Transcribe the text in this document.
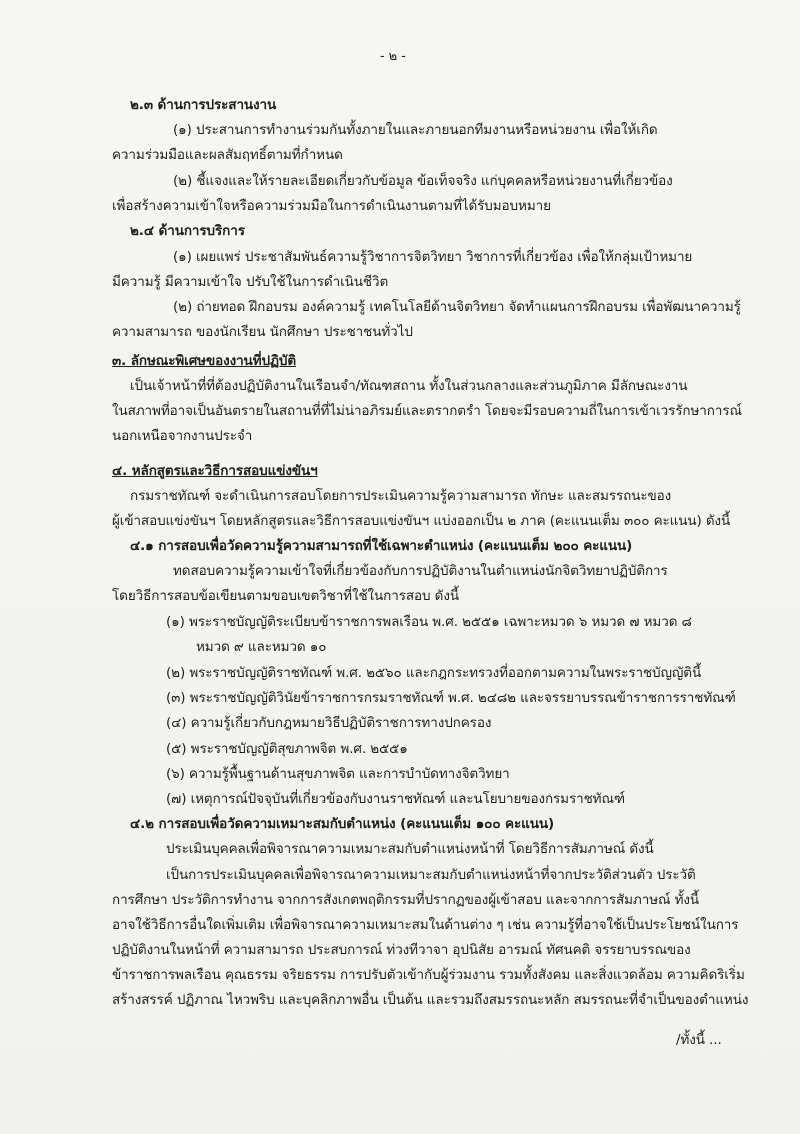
- ๒ -
๒.๓ ด้านการประสานงาน
(๑) ประสานการทำงานร่วมกันทั้งภายในและภายนอกทีมงานหรือหน่วยงาน เพื่อให้เกิด
ความร่วมมือและผลสัมฤทธิ์ตามที่กำหนด
(๒) ชี้แจงและให้รายละเอียดเกี่ยวกับข้อมูล ข้อเท็จจริง แก่บุคคลหรือหน่วยงานที่เกี่ยวข้อง
เพื่อสร้างความเข้าใจหรือความร่วมมือในการดำเนินงานตามที่ได้รับมอบหมาย
๒.๔ ด้านการบริการ
(๑) เผยแพร่ ประชาสัมพันธ์ความรู้วิชาการจิตวิทยา วิชาการที่เกี่ยวข้อง เพื่อให้กลุ่มเป้าหมาย
มีความรู้ มีความเข้าใจ ปรับใช้ในการดำเนินชีวิต
(๒) ถ่ายทอด ฝึกอบรม องค์ความรู้ เทคโนโลยีด้านจิตวิทยา จัดทำแผนการฝึกอบรม เพื่อพัฒนาความรู้
ความสามารถ ของนักเรียน นักศึกษา ประชาชนทั่วไป
๓. ลักษณะพิเศษของงานที่ปฏิบัติ
เป็นเจ้าหน้าที่ที่ต้องปฏิบัติงานในเรือนจำ/ทัณฑสถาน ทั้งในส่วนกลางและส่วนภูมิภาค มีลักษณะงาน
ในสภาพที่อาจเป็นอันตรายในสถานที่ที่ไม่น่าอภิรมย์และตรากตรำ โดยจะมีรอบความถี่ในการเข้าเวรรักษาการณ์
นอกเหนือจากงานประจำ
๔. หลักสูตรและวิธีการสอบแข่งขันฯ
กรมราชทัณฑ์ จะดำเนินการสอบโดยการประเมินความรู้ความสามารถ ทักษะ และสมรรถนะของ
ผู้เข้าสอบแข่งขันฯ โดยหลักสูตรและวิธีการสอบแข่งขันฯ แบ่งออกเป็น ๒ ภาค (คะแนนเต็ม ๓๐๐ คะแนน) ดังนี้
๔.๑ การสอบเพื่อวัดความรู้ความสามารถที่ใช้เฉพาะตำแหน่ง (คะแนนเต็ม ๒๐๐ คะแนน)
ทดสอบความรู้ความเข้าใจที่เกี่ยวข้องกับการปฏิบัติงานในตำแหน่งนักจิตวิทยาปฏิบัติการ
โดยวิธีการสอบข้อเขียนตามขอบเขตวิชาที่ใช้ในการสอบ ดังนี้
(๑) พระราชบัญญัติระเบียบข้าราชการพลเรือน พ.ศ. ๒๕๕๑ เฉพาะหมวด ๖ หมวด ๗ หมวด ๘
หมวด ๙ และหมวด ๑๐
(๒) พระราชบัญญัติราชทัณฑ์ พ.ศ. ๒๕๖๐ และกฎกระทรวงที่ออกตามความในพระราชบัญญัตินี้
(๓) พระราชบัญญัติวินัยข้าราชการกรมราชทัณฑ์ พ.ศ. ๒๔๘๒ และจรรยาบรรณข้าราชการราชทัณฑ์
(๔) ความรู้เกี่ยวกับกฎหมายวิธีปฏิบัติราชการทางปกครอง
(๕) พระราชบัญญัติสุขภาพจิต พ.ศ. ๒๕๕๑
(๖) ความรู้พื้นฐานด้านสุขภาพจิต และการบำบัดทางจิตวิทยา
(๗) เหตุการณ์ปัจจุบันที่เกี่ยวข้องกับงานราชทัณฑ์ และนโยบายของกรมราชทัณฑ์
๔.๒ การสอบเพื่อวัดความเหมาะสมกับตำแหน่ง (คะแนนเต็ม ๑๐๐ คะแนน)
ประเมินบุคคลเพื่อพิจารณาความเหมาะสมกับตำแหน่งหน้าที่ โดยวิธีการสัมภาษณ์ ดังนี้
เป็นการประเมินบุคคลเพื่อพิจารณาความเหมาะสมกับตำแหน่งหน้าที่จากประวัติส่วนตัว ประวัติ
การศึกษา ประวัติการทำงาน จากการสังเกตพฤติกรรมที่ปรากฏของผู้เข้าสอบ และจากการสัมภาษณ์ ทั้งนี้
อาจใช้วิธีการอื่นใดเพิ่มเติม เพื่อพิจารณาความเหมาะสมในด้านต่าง ๆ เช่น ความรู้ที่อาจใช้เป็นประโยชน์ในการ
ปฏิบัติงานในหน้าที่ ความสามารถ ประสบการณ์ ท่วงทีวาจา อุปนิสัย อารมณ์ ทัศนคติ จรรยาบรรณของ
ข้าราชการพลเรือน คุณธรรม จริยธรรม การปรับตัวเข้ากับผู้ร่วมงาน รวมทั้งสังคม และสิ่งแวดล้อม ความคิดริเริ่ม
สร้างสรรค์ ปฏิภาณ ไหวพริบ และบุคลิกภาพอื่น เป็นต้น และรวมถึงสมรรถนะหลัก สมรรถนะที่จำเป็นของตำแหน่ง
/ทั้งนี้ ...
